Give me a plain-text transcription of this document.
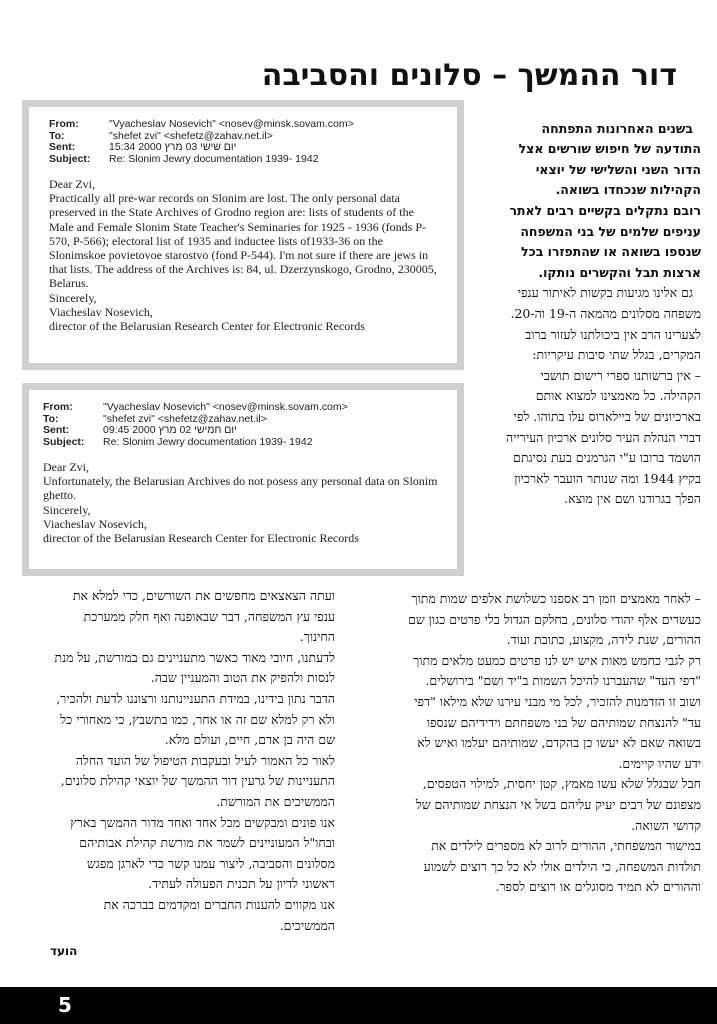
דור ההמשך – סלונים והסביבה
From:	"Vyacheslav Nosevich" <nosev@minsk.sovam.com>
To:	"shefet zvi" <shefetz@zahav.net.il>
Sent:	15:34 2000 יום שישי 03 מרץ
Subject:	Re: Slonim Jewry documentation 1939- 1942
Dear Zvi,
Practically all pre-war records on Slonim are lost. The only personal data preserved in the State Archives of Grodno region are: lists of students of the Male and Female Slonim State Teacher's Seminaries for 1925 - 1936 (fonds P-570, P-566); electoral list of 1935 and inductee lists of1933-36 on the Slonimskoe povietovoe starostvo (fond P-544). I'm not sure if there are jews in that lists. The address of the Archives is: 84, ul. Dzerzynskogo, Grodno, 230005, Belarus.
Sincerely,
Viacheslav Nosevich,
director of the Belarusian Research Center for Electronic Records
From:	"Vyacheslav Nosevich" <nosev@minsk.sovam.com>
To:	"shefet zvi" <shefetz@zahav.net.il>
Sent:	09:45 2000 יום חמישי 02 מרץ
Subject:	Re: Slonim Jewry documentation 1939- 1942
Dear Zvi,
Unfortunately, the Belarusian Archives do not posess any personal data on Slonim ghetto.
Sincerely,
Viacheslav Nosevich,
director of the Belarusian Research Center for Electronic Records

בשנים האחרונות התפתחה התודעה של חיפוש שורשים אצל הדור השני והשלישי של יוצאי הקהילות שנכחדו בשואה.
רובם נתקלים בקשיים רבים לאתר עניפים שלמים של בני המשפחה שנספו בשואה או שהתפזרו בכל ארצות תבל והקשרים נותקו.
גם אלינו מגיעות בקשות לאיתור ענפי משפחה מסלונים מהמאה ה-19 וה-20.
לצערינו הרב אין ביכולתנו לעזור ברוב המקרים, בגלל שתי סיבות עיקריות:
– אין ברשותנו ספרי רישום תושבי הקהילה. כל מאמצינו למצוא אותם בארכיונים של ביילארוס עלו בתוהו. לפי דברי הנהלת העיר סלונים ארכיון העירייה הושמד ברובו ע"י הגרמנים בעת נסיגתם בקיץ 1944 ומה שנותר הועבר לארכיון הפלך בגרודנו ושם אין מוצא.

– לאחר מאמצים וזמן רב אספנו כשלושת אלפים שמות מתוך כעשרים אלף יהודי סלונים, בחלקם הגדול בלי פרטים כגון שם ההורים, שנת לידה, מקצוע, כתובת ועוד.
רק לגבי כחמש מאות איש יש לנו פרטים כמעט מלאים מתוך "דפי העד" שהעברנו להיכל השמות ב"יד ושם" בירושלים.
ושוב זו הזדמנות להזכיר, לכל מי מבני עירנו שלא מילאו "דפי עד" להנצחת שמותיהם של בני משפחתם וידידיהם שנספו בשואה שאם לא יעשו כן בהקדם, שמותיהם יעלמו ואיש לא ידע שהיו קיימים.
חבל שבגלל שלא עשו מאמץ, קטן יחסית, למילוי הטפסים, מצפונם של רבים יעיק עליהם בשל אי הנצחת שמותיהם של קדושי השואה.
במישור המשפחתי, ההורים לרוב לא מספרים לילדים את תולדות המשפחה, כי הילדים אולי לא כל כך רוצים לשמוע וההורים לא תמיד מסוגלים או רוצים לספר.
ועתה הצאצאים מחפשים את השורשים, כדי למלא את ענפי עץ המשפחה, דבר שבאופנה ואף חלק ממערכת החינוך.
לדעתנו, חיובי מאוד כאשר מתעניינים גם במורשת, על מנת לנסות ולהפיק את הטוב והמעניין שבה.
הדבר נתון בידינו, במידת התעניינותנו ורצוננו לדעת ולהכיר, ולא רק למלא שם זה או אחר, כמו בתשבץ, כי מאחורי כל שם היה בן אדם, חיים, ועולם מלא.
לאור כל האמור לעיל ובעקבות הטיפול של הועד החלה התעניינות של גרעין דור ההמשך של יוצאי קהילת סלונים, הממשיכים את המורשת.
אנו פונים ומבקשים מכל אחד ואחד מדור ההמשך בארץ ובחו"ל המעוניינים לשמר את מורשת קהילת אבותיהם מסלונים והסביבה, ליצור עמנו קשר כדי לארגן מפגש ראשוני לדיון על תכנית הפעולה לעתיד.
אנו מקווים להענות החברים ומקדמים בברכה את הממשיכים.
הועד
5
